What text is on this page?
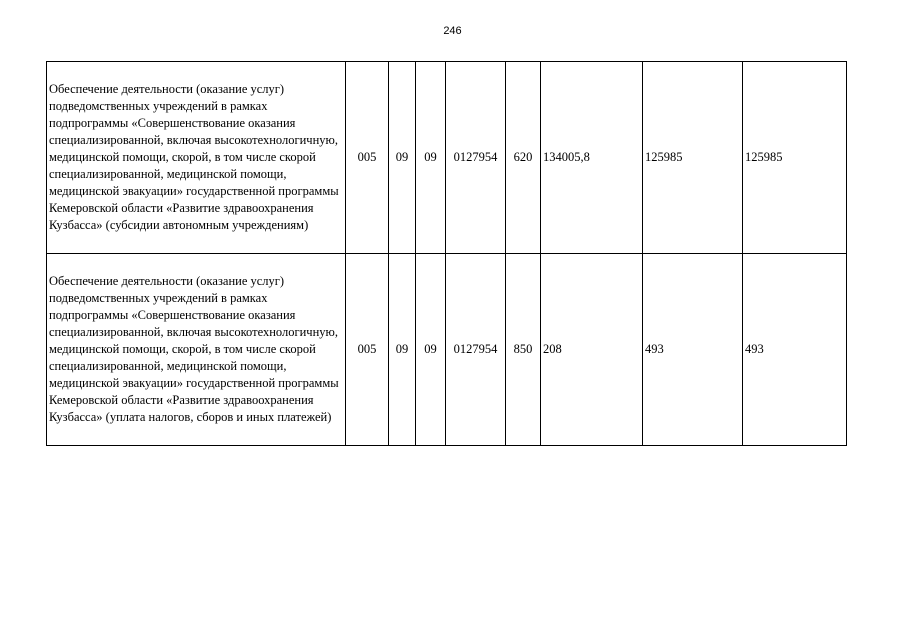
246
Обеспечение деятельности (оказание услуг) подведомственных учреждений в рамках подпрограммы «Совершенствование оказания специализированной, включая высокотехнологичную, медицинской помощи, скорой, в том числе скорой специализированной, медицинской помощи, медицинской эвакуации» государственной программы Кемеровской области «Развитие здравоохранения Кузбасса» (субсидии автономным учреждениям)	005	09	09	0127954	620	134005,8	125985	125985
Обеспечение деятельности (оказание услуг) подведомственных учреждений в рамках подпрограммы «Совершенствование оказания специализированной, включая высокотехнологичную, медицинской помощи, скорой, в том числе скорой специализированной, медицинской помощи, медицинской эвакуации» государственной программы Кемеровской области «Развитие здравоохранения Кузбасса» (уплата налогов, сборов и иных платежей)	005	09	09	0127954	850	208	493	493
